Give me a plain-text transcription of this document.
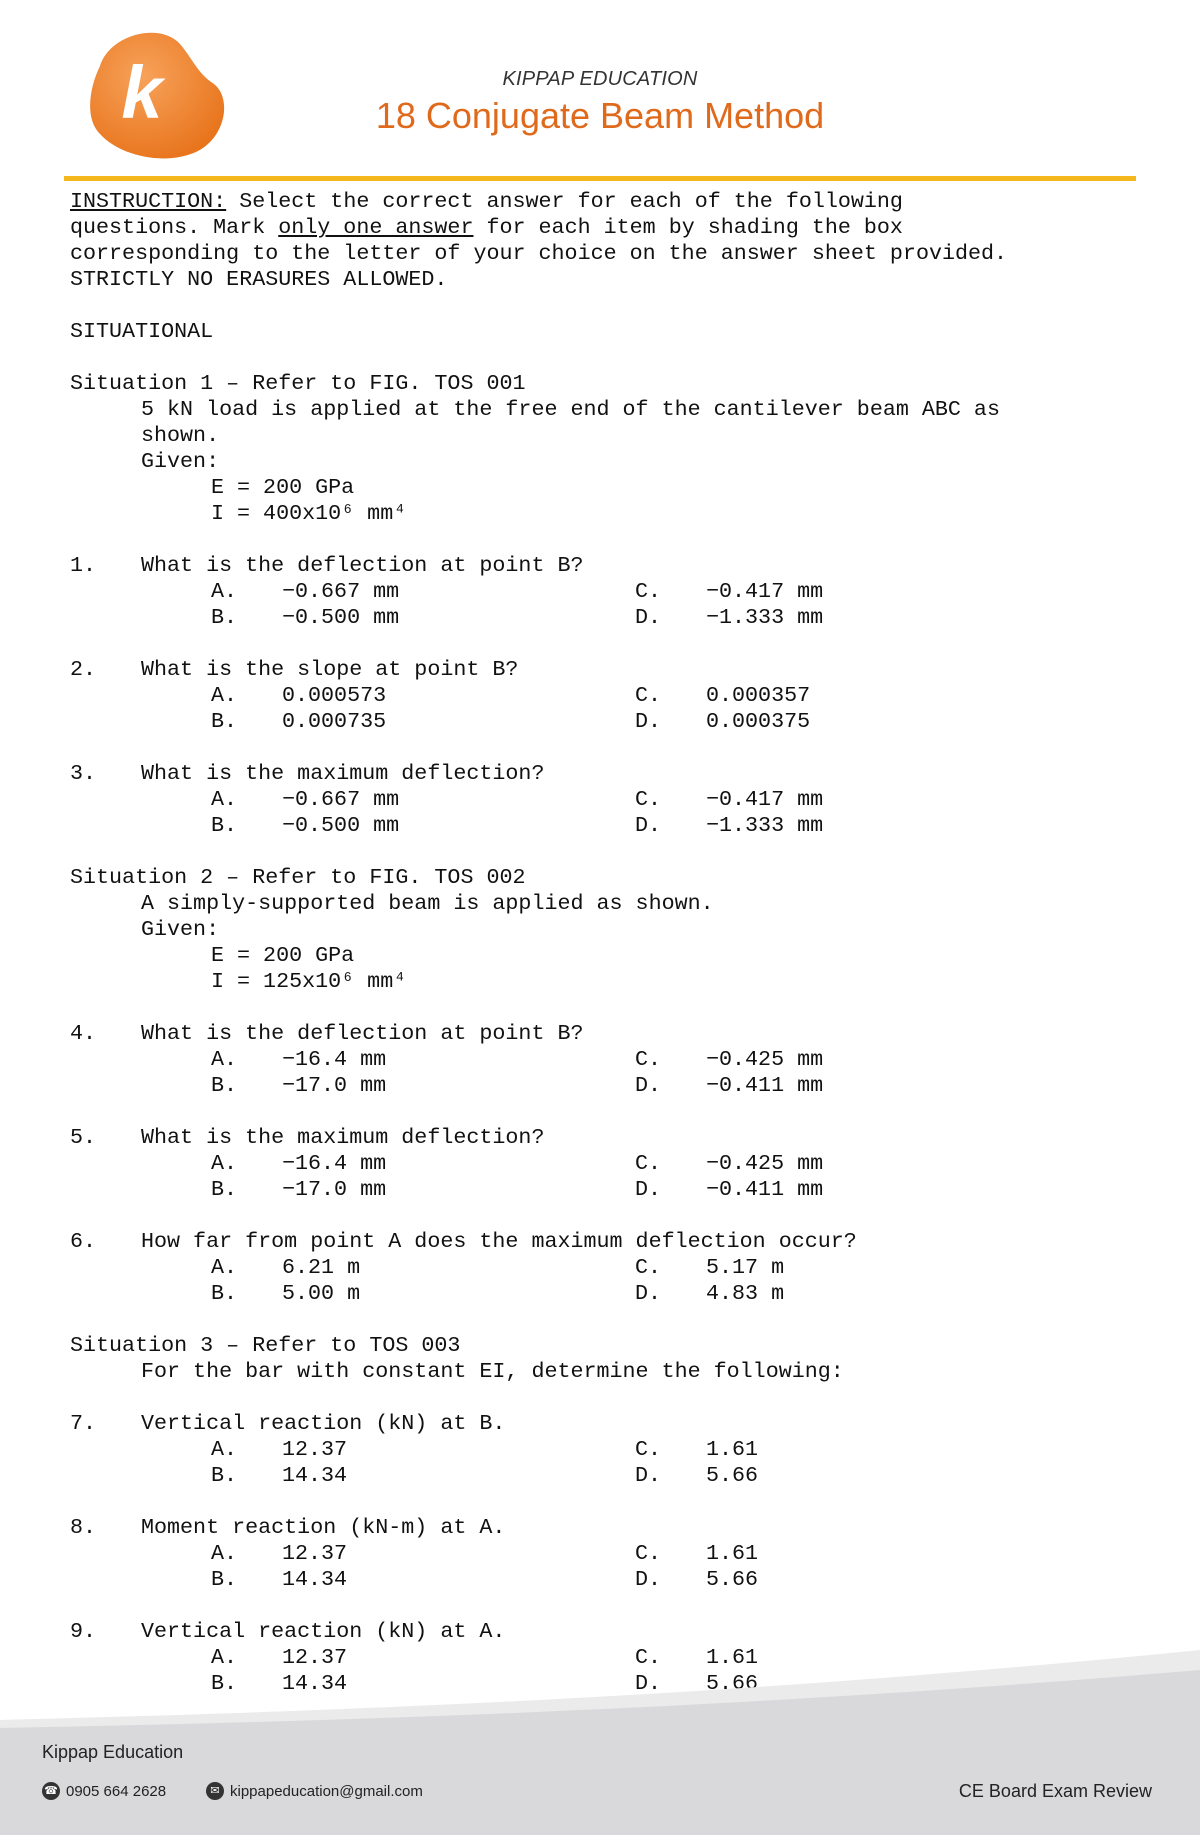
k	KIPPAP EDUCATION
18 Conjugate Beam Method
INSTRUCTION: Select the correct answer for each of the following
questions. Mark only one answer for each item by shading the box
corresponding to the letter of your choice on the answer sheet provided.
STRICTLY NO ERASURES ALLOWED.
SITUATIONAL
Situation 1 – Refer to FIG. TOS 001
5 kN load is applied at the free end of the cantilever beam ABC as
shown.
Given:
E = 200 GPa
I = 400x10⁶ mm⁴
1.	What is the deflection at point B?
A.	−0.667 mm	C.	−0.417 mm
B.	−0.500 mm	D.	−1.333 mm
2.	What is the slope at point B?
A.	0.000573	C.	0.000357
B.	0.000735	D.	0.000375
3.	What is the maximum deflection?
A.	−0.667 mm	C.	−0.417 mm
B.	−0.500 mm	D.	−1.333 mm
Situation 2 – Refer to FIG. TOS 002
A simply-supported beam is applied as shown.
Given:
E = 200 GPa
I = 125x10⁶ mm⁴
4.	What is the deflection at point B?
A.	−16.4 mm	C.	−0.425 mm
B.	−17.0 mm	D.	−0.411 mm
5.	What is the maximum deflection?
A.	−16.4 mm	C.	−0.425 mm
B.	−17.0 mm	D.	−0.411 mm
6.	How far from point A does the maximum deflection occur?
A.	6.21 m	C.	5.17 m
B.	5.00 m	D.	4.83 m
Situation 3 – Refer to TOS 003
For the bar with constant EI, determine the following:
7.	Vertical reaction (kN) at B.
A.	12.37	C.	1.61
B.	14.34	D.	5.66
8.	Moment reaction (kN-m) at A.
A.	12.37	C.	1.61
B.	14.34	D.	5.66
9.	Vertical reaction (kN) at A.
A.	12.37	C.	1.61
B.	14.34	D.	5.66
Kippap Education
☎ 0905 664 2628	✉ kippapeducation@gmail.com	CE Board Exam Review
